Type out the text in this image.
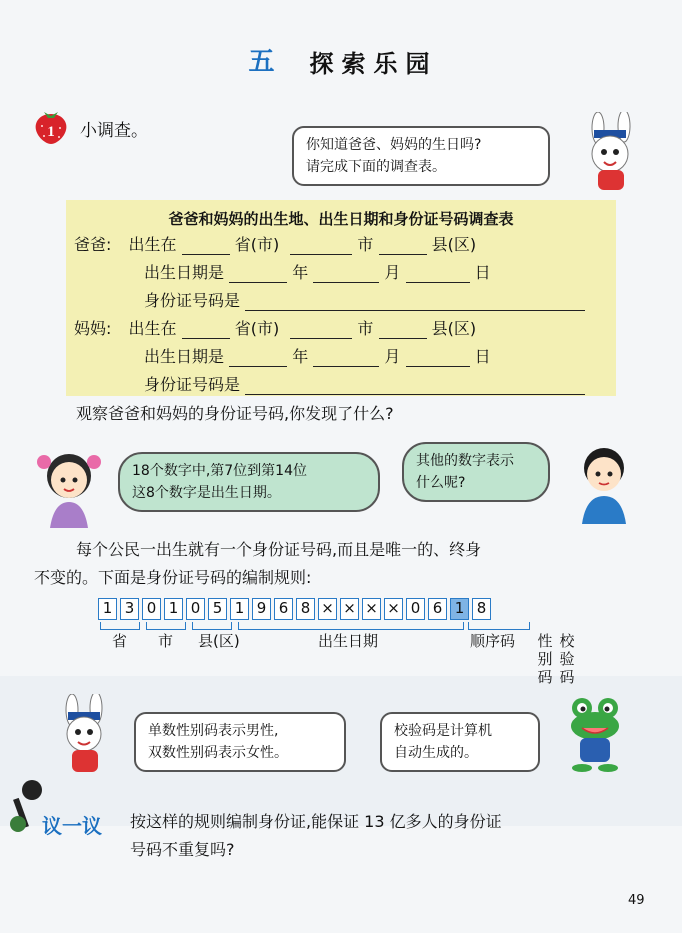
五 探索乐园
1 小调查。
你知道爸爸、妈妈的生日吗?
请完成下面的调查表。
爸爸和妈妈的出生地、出生日期和身份证号码调查表
爸爸: 出生在	省(市)	市	县(区)
出生日期是	年	月	日
身份证号码是
妈妈: 出生在	省(市)	市	县(区)
出生日期是	年	月	日
身份证号码是
观察爸爸和妈妈的身份证号码,你发现了什么?
18个数字中,第7位到第14位
这8个数字是出生日期。
其他的数字表示
什么呢?
每个公民一出生就有一个身份证号码,而且是唯一的、终身
不变的。下面是身份证号码的编制规则:
1 3 0 1 0 5 1 9 6 8 × × × × 0 6 1 8
省 市 县(区)	出生日期	顺序码 性
别
码
校
验
码
单数性别码表示男性,
双数性别码表示女性。
校验码是计算机
自动生成的。
议一议 按这样的规则编制身份证,能保证 13 亿多人的身份证
号码不重复吗?
49
